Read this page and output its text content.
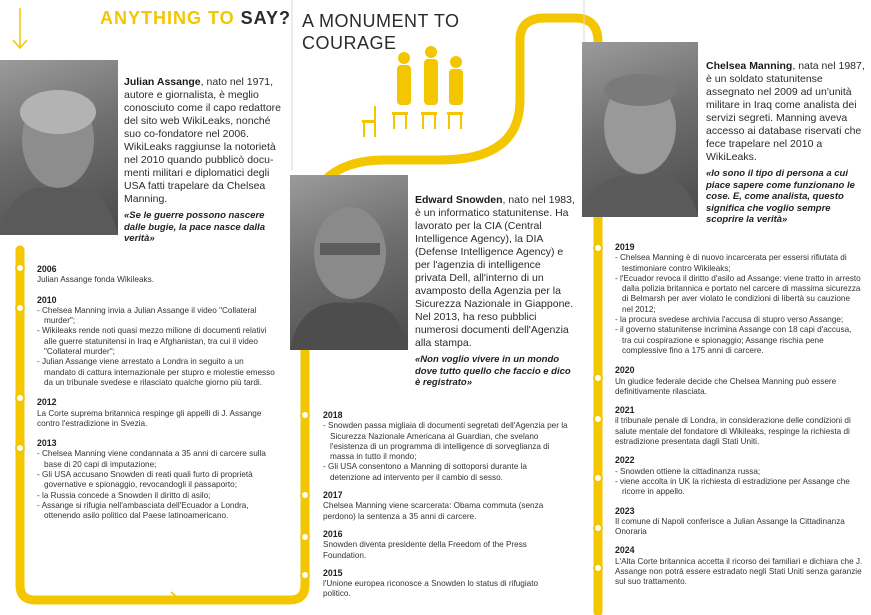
ANYTHING TO SAY? A MONUMENT TO
COURAGE
Julian Assange, nato nel 1971, autore e giornalista, è meglio conosciuto come il capo redattore del sito web WikiLeaks, nonché suo co-fondatore nel 2006. WikiLeaks raggiunse la notorietà nel 2010 quando pubblicò documenti militari e diplomatici degli USA fatti trapelare da Chelsea Manning.
«Se le guerre possono nascere dalle bugie, la pace nasce dalla verità»
Edward Snowden, nato nel 1983, è un informatico statunitense. Ha lavorato per la CIA (Central Intelligence Agency), la DIA (Defense Intelligence Agency) e per l'agenzia di intelligence privata Dell, all'interno di un avamposto della Agenzia per la Sicurezza Nazionale in Giappone. Nel 2013, ha reso pubblici numerosi documenti dell'Agenzia alla stampa.
«Non voglio vivere in un mondo dove tutto quello che faccio e dico è registrato»
Chelsea Manning, nata nel 1987, è un soldato statunitense assegnato nel 2009 ad un'unità militare in Iraq come analista dei servizi segreti. Manning aveva accesso ai database riservati che fece trapelare nel 2010 a WikiLeaks.
«Io sono il tipo di persona a cui piace sapere come funzionano le cose. E, come analista, questo significa che voglio sempre scoprire la verità»
2006
Julian Assange fonda Wikileaks.
2010
- Chelsea Manning invia a Julian Assange il video "Collateral murder";
- Wikileaks rende noti quasi mezzo milione di documenti relativi alle guerre statunitensi in Iraq e Afghanistan, tra cui il video "Collateral murder";
- Julian Assange viene arrestato a Londra in seguito a un mandato di cattura internazionale per stupro e molestie emesso da un tribunale svedese e rilasciato qualche giorno più tardi.
2012
La Corte suprema britannica respinge gli appelli di J. Assange contro l'estradizione in Svezia.
2013
- Chelsea Manning viene condannata a 35 anni di carcere sulla base di 20 capi di imputazione;
- Gli USA accusano Snowden di reati quali furto di proprietà governative e spionaggio, revocandogli il passaporto;
- la Russia concede a Snowden il diritto di asilo;
- Assange si rifugia nell'ambasciata dell'Ecuador a Londra, ottenendo asilo politico dal Paese latinoamericano.
2018
- Snowden passa migliaia di documenti segretati dell'Agenzia per la Sicurezza Nazionale Americana al Guardian, che svelano l'esistenza di un programma di intelligence di sorveglianza di massa in tutto il mondo;
- Gli USA consentono a Manning di sottoporsi durante la detenzione ad intervento per il cambio di sesso.
2017
Chelsea Manning viene scarcerata: Obama commuta (senza perdono) la sentenza a 35 anni di carcere.
2016
Snowden diventa presidente della Freedom of the Press Foundation.
2015
l'Unione europea riconosce a Snowden lo status di rifugiato politico.
2019
- Chelsea Manning è di nuovo incarcerata per essersi rifiutata di testimoniare contro Wikileaks;
- l'Ecuador revoca il diritto d'asilo ad Assange: viene tratto in arresto dalla polizia britannica e portato nel carcere di massima sicurezza di Belmarsh per aver violato le condizioni di libertà su cauzione nel 2012;
- la procura svedese archivia l'accusa di stupro verso Assange;
- il governo statunitense incrimina Assange con 18 capi d'accusa, tra cui cospirazione e spionaggio; Assange rischia pene complessive fino a 175 anni di carcere.
2020
Un giudice federale decide che Chelsea Manning può essere definitivamente rilasciata.
2021
il tribunale penale di Londra, in considerazione delle condizioni di salute mentale del fondatore di Wikileaks, respinge la richiesta di estradizione presentata dagli Stati Uniti.
2022
- Snowden ottiene la cittadinanza russa;
- viene accolta in UK la richiesta di estradizione per Assange che ricorre in appello.
2023
Il comune di Napoli conferisce a Julian Assange la Cittadinanza Onoraria
2024
L'Alta Corte britannica accetta il ricorso dei familiari e dichiara che J. Assange non potrà essere estradato negli Stati Uniti senza garanzie sul suo trattamento.
